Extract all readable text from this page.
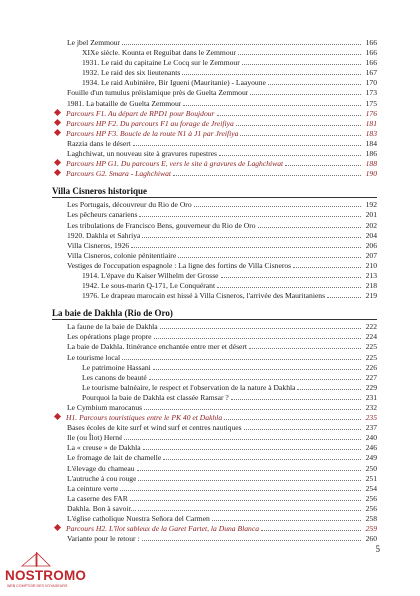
Le jbel Zemmour	166
XIXe siècle. Kounta et Reguibat dans le Zemmour	166
1931. Le raid du capitaine Le Cocq sur le Zemmour	166
1932. Le raid des six lieutenants	167
1934. Le raid Aubinière, Bir Igueni (Mauritanie) - Laayoune	170
Fouille d'un tumulus préislamique près de Guelta Zemmour	173
1981. La bataille de Guelta Zemmour	175
Parcours F1. Au départ de RPD1 pour Boujdour	176
Parcours HP F2. Du parcours F1 au forage de Jreifiya	181
Parcours HP F3. Boucle de la route N1 à J1 par Jreifiya	183
Razzia dans le désert	184
Laghchiwat, un nouveau site à gravures rupestres	186
Parcours HP G1. Du parcours E, vers le site à gravures de Laghchiwat	188
Parcours G2. Smara - Laghchiwat	190
Villa Cisneros historique
Les Portugais, découvreur du Rio de Oro	192
Les pêcheurs canariens	201
Les tribulations de Francisco Bens, gouverneur du Rio de Oro	202
1920. Dakhla et Sahriya	204
Villa Cisneros, 1926	206
Villa Cisneros, colonie pénitentiaire	207
Vestiges de l'occupation espagnole : La ligne des fortins de Villa Cisneros	210
1914. L'épave du Kaiser Wilhelm der Grosse	213
1942. Le sous-marin Q-171, Le Conquérant	218
1976. Le drapeau marocain est hissé à Villa Cisneros, l'arrivée des Mauritaniens	219
La baie de Dakhla (Rio de Oro)
La faune de la baie de Dakhla	222
Les opérations plage propre	224
La baie de Dakhla. Itinérance enchantée entre mer et désert	225
Le tourisme local	225
Le patrimoine Hassani	226
Les canons de beauté	227
Le tourisme balnéaire, le respect et l'observation de la nature à Dakhla	229
Pourquoi la baie de Dakhla est classée Ramsar ?	231
Le Cymbium marocanus	232
H1. Parcours touristiques entre le PK 40 et Dakhla	235
Bases écoles de kite surf et wind surf et centres nautiques	237
Ile (ou Îlot) Herné	240
La « creuse » de Dakhla	246
Le fromage de lait de chamelle	249
L'élevage du chameau	250
L'autruche à cou rouge	251
La ceinture verte	254
La caserne des FAR	256
Dakhla. Bon à savoir...	256
L'église catholique Nuestra Señora del Carmen	258
Parcours H2. L'îlot sableux de la Garet Fartet, la Duna Blanca	259
Variante pour le retour :	260
5
NOSTROMO
WEB COMPTOIR DES VOYAGEURS
